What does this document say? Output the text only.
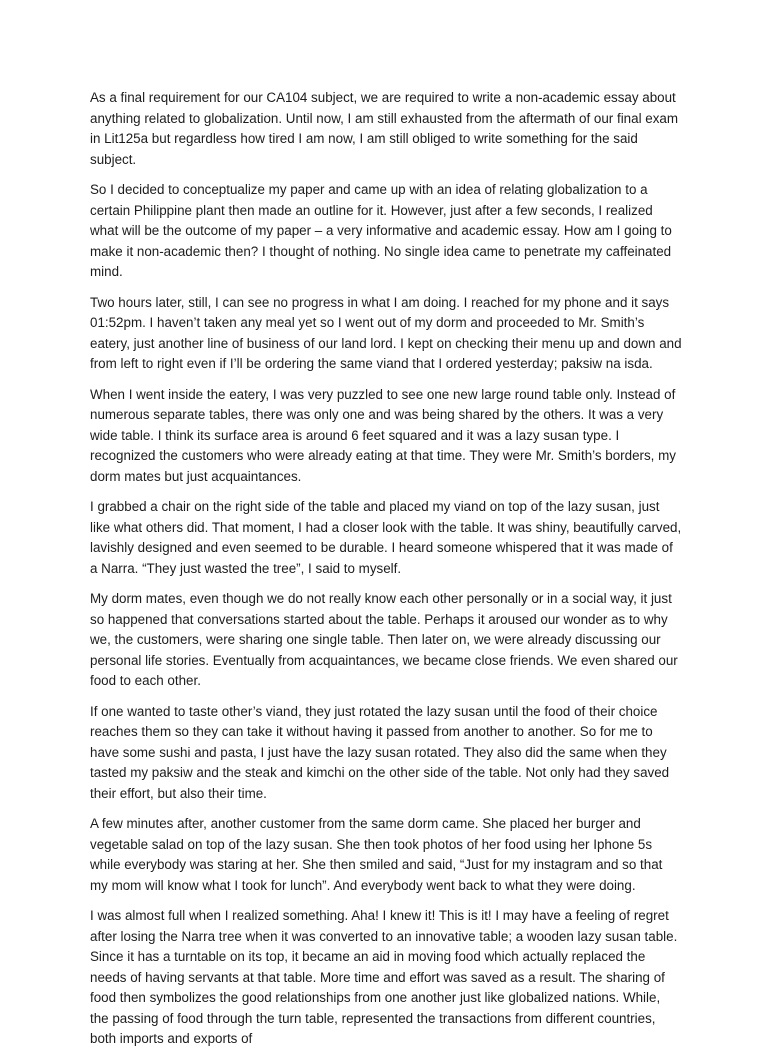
As a final requirement for our CA104 subject, we are required to write a non-academic essay about anything related to globalization. Until now, I am still exhausted from the aftermath of our final exam in Lit125a but regardless how tired I am now, I am still obliged to write something for the said subject.

So I decided to conceptualize my paper and came up with an idea of relating globalization to a certain Philippine plant then made an outline for it. However, just after a few seconds, I realized what will be the outcome of my paper – a very informative and academic essay. How am I going to make it non-academic then? I thought of nothing. No single idea came to penetrate my caffeinated mind.

Two hours later, still, I can see no progress in what I am doing. I reached for my phone and it says 01:52pm. I haven’t taken any meal yet so I went out of my dorm and proceeded to Mr. Smith’s eatery, just another line of business of our land lord. I kept on checking their menu up and down and from left to right even if I’ll be ordering the same viand that I ordered yesterday; paksiw na isda.

When I went inside the eatery, I was very puzzled to see one new large round table only. Instead of numerous separate tables, there was only one and was being shared by the others. It was a very wide table. I think its surface area is around 6 feet squared and it was a lazy susan type. I recognized the customers who were already eating at that time. They were Mr. Smith’s borders, my dorm mates but just acquaintances.

I grabbed a chair on the right side of the table and placed my viand on top of the lazy susan, just like what others did. That moment, I had a closer look with the table. It was shiny, beautifully carved, lavishly designed and even seemed to be durable. I heard someone whispered that it was made of a Narra. “They just wasted the tree”, I said to myself.

My dorm mates, even though we do not really know each other personally or in a social way, it just so happened that conversations started about the table. Perhaps it aroused our wonder as to why we, the customers, were sharing one single table. Then later on, we were already discussing our personal life stories. Eventually from acquaintances, we became close friends. We even shared our food to each other.

If one wanted to taste other’s viand, they just rotated the lazy susan until the food of their choice reaches them so they can take it without having it passed from another to another. So for me to have some sushi and pasta, I just have the lazy susan rotated. They also did the same when they tasted my paksiw and the steak and kimchi on the other side of the table. Not only had they saved their effort, but also their time.

A few minutes after, another customer from the same dorm came. She placed her burger and vegetable salad on top of the lazy susan. She then took photos of her food using her Iphone 5s while everybody was staring at her. She then smiled and said, “Just for my instagram and so that my mom will know what I took for lunch”. And everybody went back to what they were doing.

I was almost full when I realized something. Aha! I knew it! This is it! I may have a feeling of regret after losing the Narra tree when it was converted to an innovative table; a wooden lazy susan table. Since it has a turntable on its top, it became an aid in moving food which actually replaced the needs of having servants at that table. More time and effort was saved as a result. The sharing of food then symbolizes the good relationships from one another just like globalized nations. While, the passing of food through the turn table, represented the transactions from different countries, both imports and exports of
